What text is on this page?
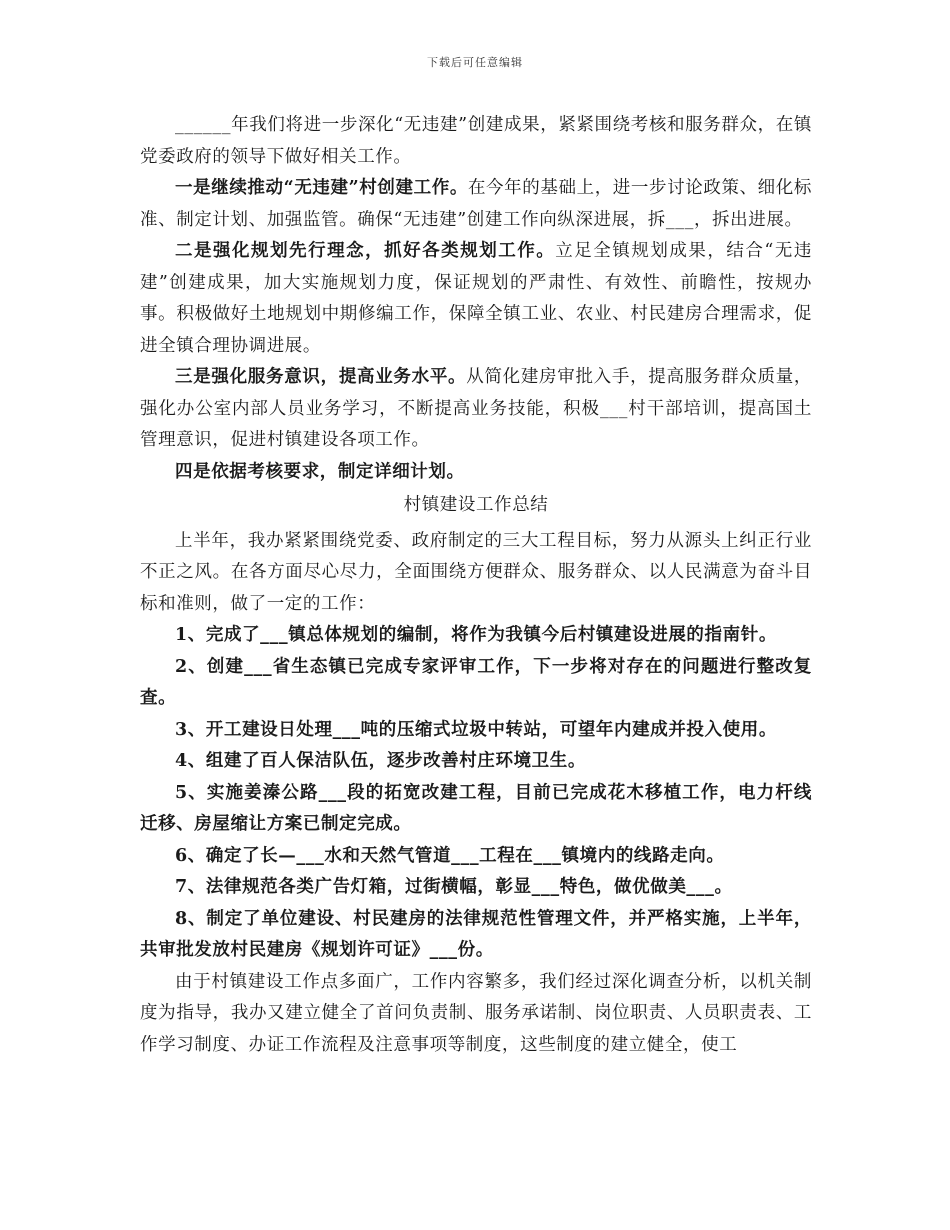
下载后可任意编辑

______年我们将进一步深化“无违建”创建成果，紧紧围绕考核和服务群众，在镇党委政府的领导下做好相关工作。

一是继续推动“无违建”村创建工作。在今年的基础上，进一步讨论政策、细化标准、制定计划、加强监管。确保“无违建”创建工作向纵深进展，拆___，拆出进展。

二是强化规划先行理念，抓好各类规划工作。立足全镇规划成果，结合“无违建”创建成果，加大实施规划力度，保证规划的严肃性、有效性、前瞻性，按规办事。积极做好土地规划中期修编工作，保障全镇工业、农业、村民建房合理需求，促进全镇合理协调进展。

三是强化服务意识，提高业务水平。从简化建房审批入手，提高服务群众质量，强化办公室内部人员业务学习，不断提高业务技能，积极___村干部培训，提高国土管理意识，促进村镇建设各项工作。

四是依据考核要求，制定详细计划。

村镇建设工作总结

上半年，我办紧紧围绕党委、政府制定的三大工程目标，努力从源头上纠正行业不正之风。在各方面尽心尽力，全面围绕方便群众、服务群众、以人民满意为奋斗目标和准则，做了一定的工作：

1、完成了___镇总体规划的编制，将作为我镇今后村镇建设进展的指南针。

2、创建___省生态镇已完成专家评审工作，下一步将对存在的问题进行整改复查。

3、开工建设日处理___吨的压缩式垃圾中转站，可望年内建成并投入使用。

4、组建了百人保洁队伍，逐步改善村庄环境卫生。

5、实施姜溱公路___段的拓宽改建工程，目前已完成花木移植工作，电力杆线迁移、房屋缩让方案已制定完成。

6、确定了长—___水和天然气管道___工程在___镇境内的线路走向。

7、法律规范各类广告灯箱，过街横幅，彰显___特色，做优做美___。

8、制定了单位建设、村民建房的法律规范性管理文件，并严格实施，上半年，共审批发放村民建房《规划许可证》___份。

由于村镇建设工作点多面广，工作内容繁多，我们经过深化调查分析，以机关制度为指导，我办又建立健全了首问负责制、服务承诺制、岗位职责、人员职责表、工作学习制度、办证工作流程及注意事项等制度，这些制度的建立健全，使工
